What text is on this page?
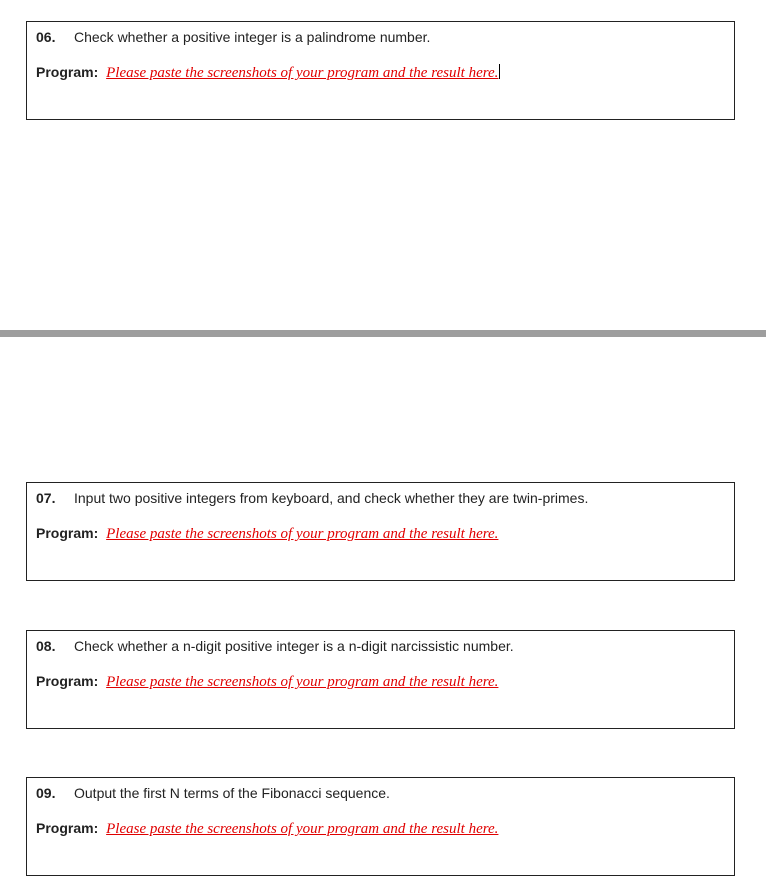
06. Check whether a positive integer is a palindrome number.
Program: Please paste the screenshots of your program and the result here.
07. Input two positive integers from keyboard, and check whether they are twin-primes.
Program: Please paste the screenshots of your program and the result here.
08. Check whether a n-digit positive integer is a n-digit narcissistic number.
Program: Please paste the screenshots of your program and the result here.
09. Output the first N terms of the Fibonacci sequence.
Program: Please paste the screenshots of your program and the result here.
